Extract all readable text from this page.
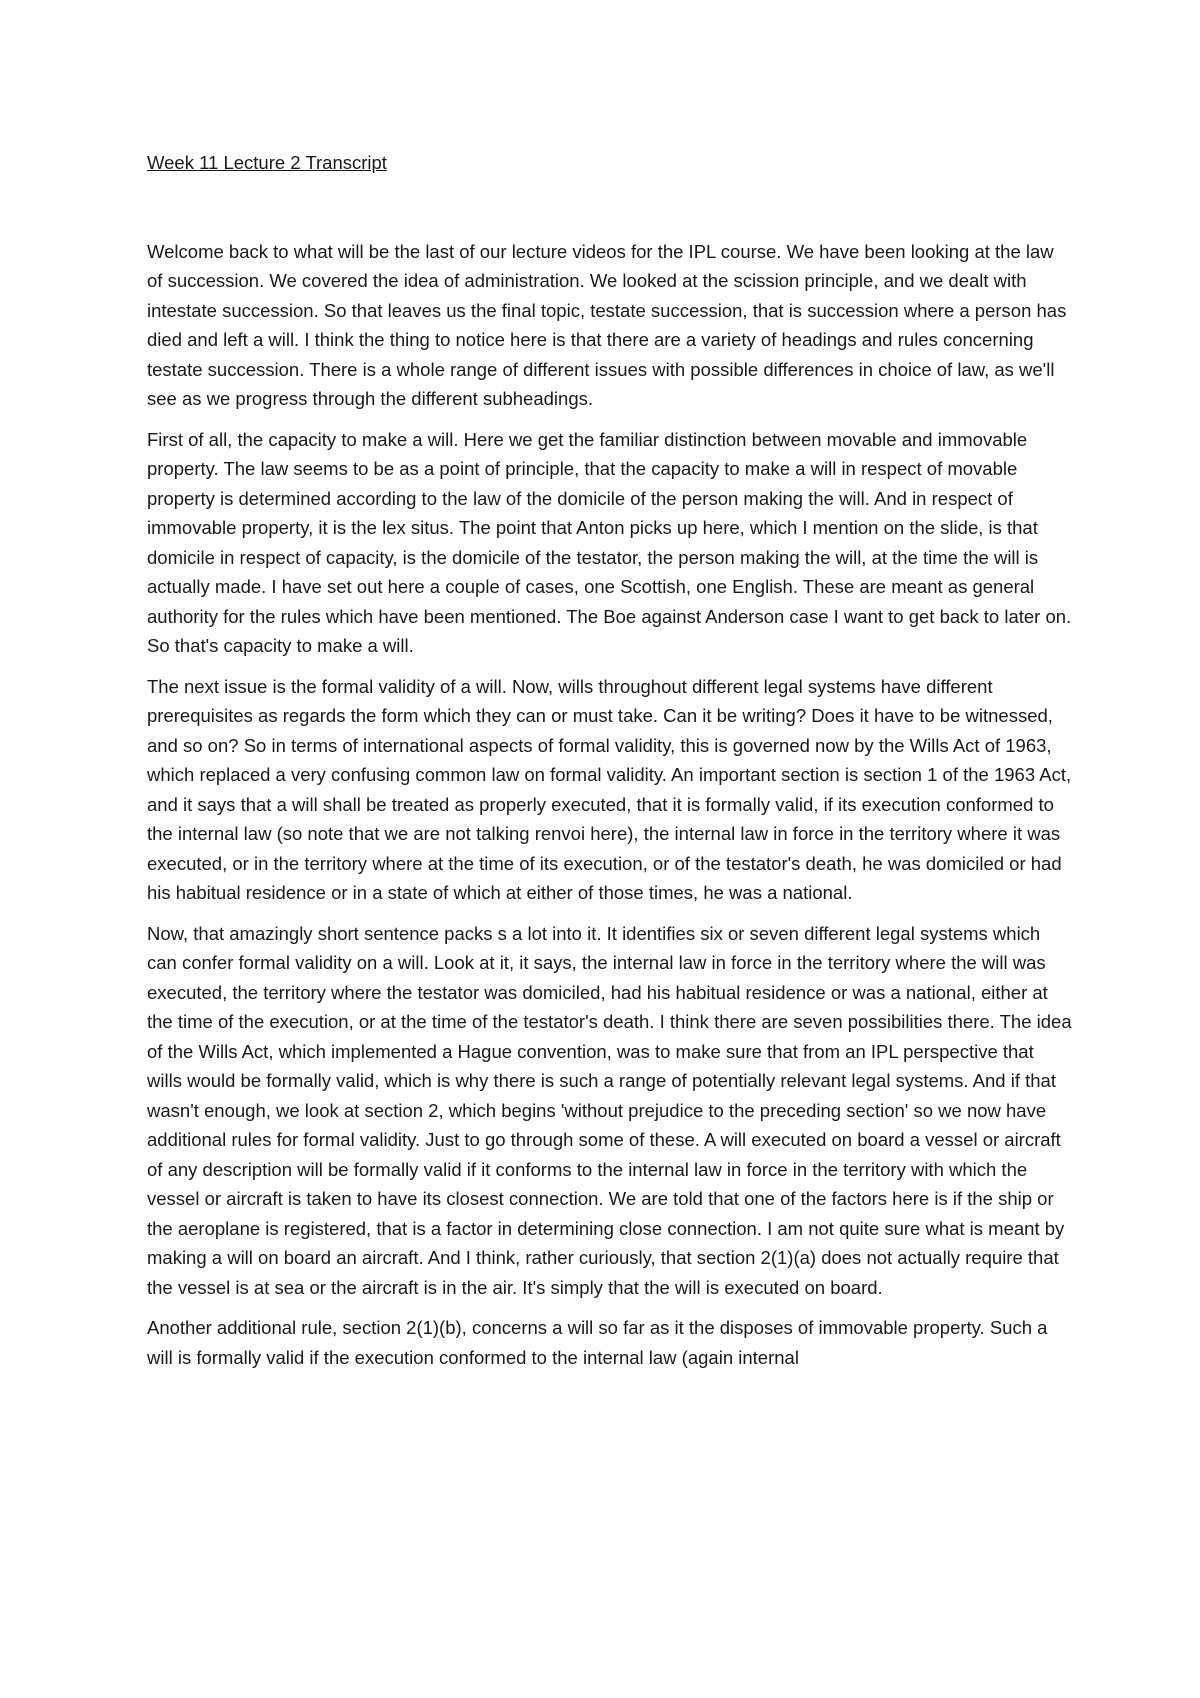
Week 11 Lecture 2 Transcript

Welcome back to what will be the last of our lecture videos for the IPL course. We have been looking at the law of succession. We covered the idea of administration. We looked at the scission principle, and we dealt with intestate succession. So that leaves us the final topic, testate succession, that is succession where a person has died and left a will. I think the thing to notice here is that there are a variety of headings and rules concerning testate succession. There is a whole range of different issues with possible differences in choice of law, as we'll see as we progress through the different subheadings.

First of all, the capacity to make a will. Here we get the familiar distinction between movable and immovable property. The law seems to be as a point of principle, that the capacity to make a will in respect of movable property is determined according to the law of the domicile of the person making the will. And in respect of immovable property, it is the lex situs. The point that Anton picks up here, which I mention on the slide, is that domicile in respect of capacity, is the domicile of the testator, the person making the will, at the time the will is actually made. I have set out here a couple of cases, one Scottish, one English. These are meant as general authority for the rules which have been mentioned. The Boe against Anderson case I want to get back to later on. So that's capacity to make a will.

The next issue is the formal validity of a will. Now, wills throughout different legal systems have different prerequisites as regards the form which they can or must take. Can it be writing? Does it have to be witnessed, and so on? So in terms of international aspects of formal validity, this is governed now by the Wills Act of 1963, which replaced a very confusing common law on formal validity. An important section is section 1 of the 1963 Act, and it says that a will shall be treated as properly executed, that it is formally valid, if its execution conformed to the internal law (so note that we are not talking renvoi here), the internal law in force in the territory where it was executed, or in the territory where at the time of its execution, or of the testator's death, he was domiciled or had his habitual residence or in a state of which at either of those times, he was a national.

Now, that amazingly short sentence packs s a lot into it. It identifies six or seven different legal systems which can confer formal validity on a will. Look at it, it says, the internal law in force in the territory where the will was executed, the territory where the testator was domiciled, had his habitual residence or was a national, either at the time of the execution, or at the time of the testator's death. I think there are seven possibilities there. The idea of the Wills Act, which implemented a Hague convention, was to make sure that from an IPL perspective that wills would be formally valid, which is why there is such a range of potentially relevant legal systems. And if that wasn't enough, we look at section 2, which begins 'without prejudice to the preceding section' so we now have additional rules for formal validity. Just to go through some of these. A will executed on board a vessel or aircraft of any description will be formally valid if it conforms to the internal law in force in the territory with which the vessel or aircraft is taken to have its closest connection. We are told that one of the factors here is if the ship or the aeroplane is registered, that is a factor in determining close connection. I am not quite sure what is meant by making a will on board an aircraft. And I think, rather curiously, that section 2(1)(a) does not actually require that the vessel is at sea or the aircraft is in the air. It's simply that the will is executed on board.

Another additional rule, section 2(1)(b), concerns a will so far as it the disposes of immovable property. Such a will is formally valid if the execution conformed to the internal law (again internal
